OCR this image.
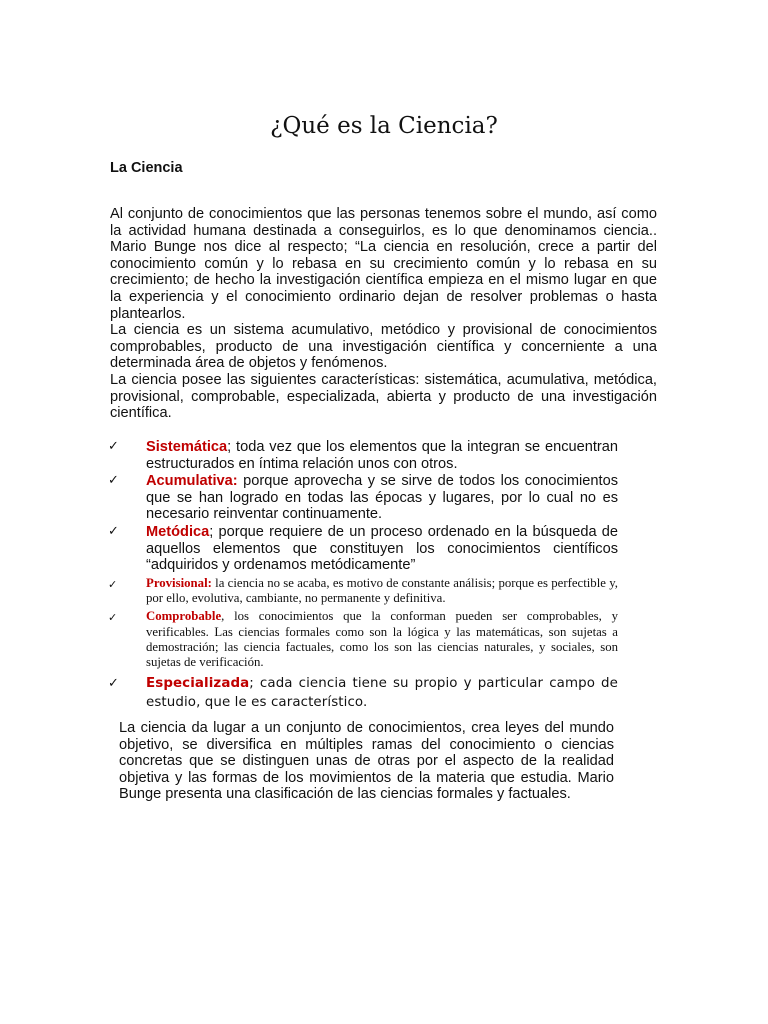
¿Qué es la Ciencia?
La Ciencia

Al conjunto de conocimientos que las personas tenemos sobre el mundo, así como la actividad humana destinada a conseguirlos, es lo que denominamos ciencia.. Mario Bunge nos dice al respecto; “La ciencia en resolución, crece a partir del conocimiento común y lo rebasa en su crecimiento común y lo rebasa en su crecimiento; de hecho la investigación científica empieza en el mismo lugar en que la experiencia y el conocimiento ordinario dejan de resolver problemas o hasta plantearlos.

La ciencia es un sistema acumulativo, metódico y provisional de conocimientos comprobables, producto de una investigación científica y concerniente a una determinada área de objetos y fenómenos.

La ciencia posee las siguientes características: sistemática, acumulativa, metódica, provisional, comprobable, especializada, abierta y producto de una investigación científica.

✓ Sistemática; toda vez que los elementos que la integran se encuentran estructurados en íntima relación unos con otros.
✓ Acumulativa: porque aprovecha y se sirve de todos los conocimientos que se han logrado en todas las épocas y lugares, por lo cual no es necesario reinventar continuamente.
✓ Metódica; porque requiere de un proceso ordenado en la búsqueda de aquellos elementos que constituyen los conocimientos científicos “adquiridos y ordenamos metódicamente”
✓ Provisional: la ciencia no se acaba, es motivo de constante análisis; porque es perfectible y, por ello, evolutiva, cambiante, no permanente y definitiva.
✓ Comprobable, los conocimientos que la conforman pueden ser comprobables, y verificables. Las ciencias formales como son la lógica y las matemáticas, son sujetas a demostración; las ciencia factuales, como los son las ciencias naturales, y sociales, son sujetas de verificación.
✓ Especializada; cada ciencia tiene su propio y particular campo de estudio, que le es característico.
La ciencia da lugar a un conjunto de conocimientos, crea leyes del mundo objetivo, se diversifica en múltiples ramas del conocimiento o ciencias concretas que se distinguen unas de otras por el aspecto de la realidad objetiva y las formas de los movimientos de la materia que estudia. Mario Bunge presenta una clasificación de las ciencias formales y factuales.
